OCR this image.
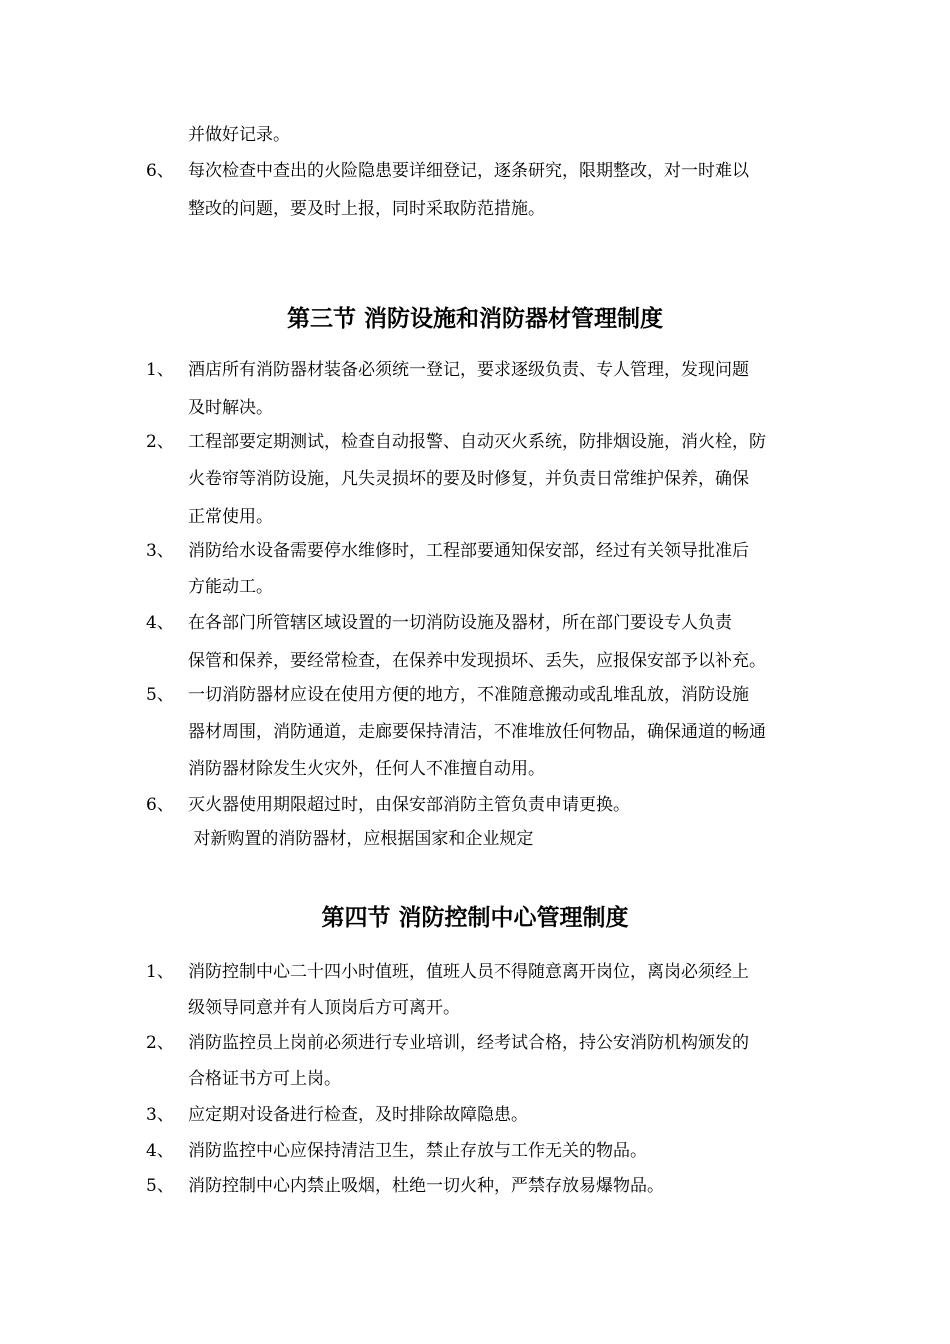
并做好记录。
6、 每次检查中查出的火险隐患要详细登记，逐条研究，限期整改，对一时难以
整改的问题，要及时上报，同时采取防范措施。
第三节 消防设施和消防器材管理制度
1、 酒店所有消防器材装备必须统一登记，要求逐级负责、专人管理，发现问题
及时解决。
2、 工程部要定期测试，检查自动报警、自动灭火系统，防排烟设施，消火栓，防
火卷帘等消防设施，凡失灵损坏的要及时修复，并负责日常维护保养，确保
正常使用。
3、 消防给水设备需要停水维修时，工程部要通知保安部，经过有关领导批准后
方能动工。
4、 在各部门所管辖区域设置的一切消防设施及器材，所在部门要设专人负责
保管和保养，要经常检查，在保养中发现损坏、丢失，应报保安部予以补充。
5、 一切消防器材应设在使用方便的地方，不准随意搬动或乱堆乱放，消防设施
器材周围，消防通道，走廊要保持清洁，不准堆放任何物品，确保通道的畅通
消防器材除发生火灾外，任何人不准擅自动用。
6、 灭火器使用期限超过时，由保安部消防主管负责申请更换。
对新购置的消防器材，应根据国家和企业规定
第四节 消防控制中心管理制度
1、 消防控制中心二十四小时值班，值班人员不得随意离开岗位，离岗必须经上
级领导同意并有人顶岗后方可离开。
2、 消防监控员上岗前必须进行专业培训，经考试合格，持公安消防机构颁发的
合格证书方可上岗。
3、 应定期对设备进行检查，及时排除故障隐患。
4、 消防监控中心应保持清洁卫生，禁止存放与工作无关的物品。
5、 消防控制中心内禁止吸烟，杜绝一切火种，严禁存放易爆物品。
